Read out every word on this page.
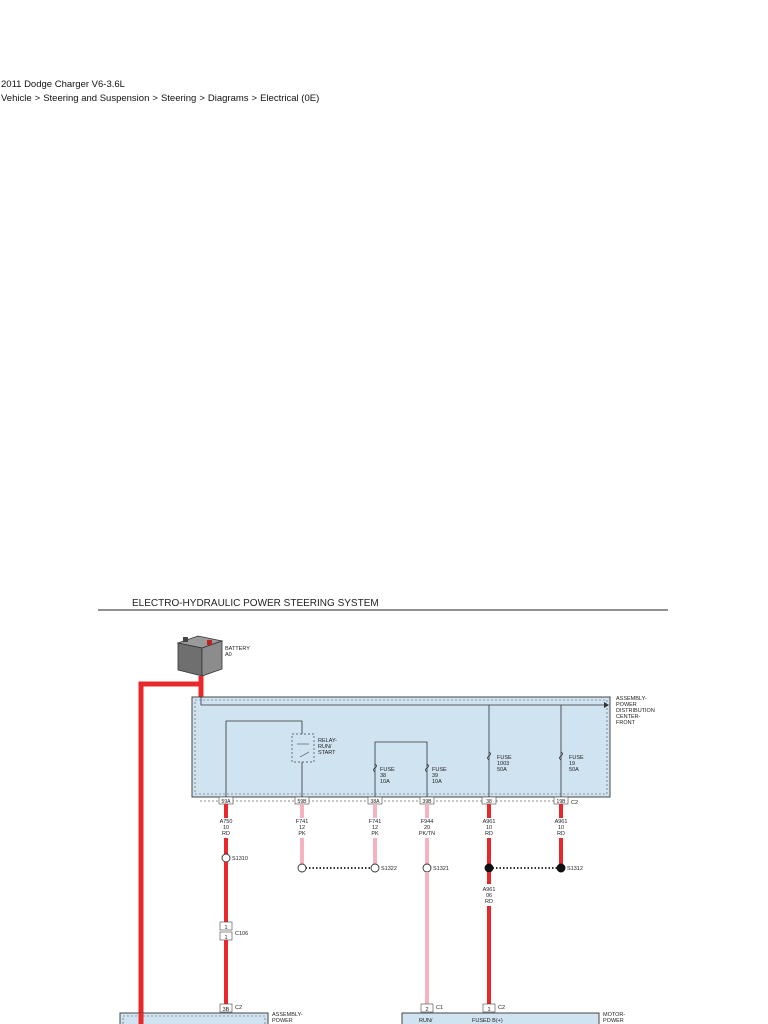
2011 Dodge Charger V6-3.6L
Vehicle > Steering and Suspension > Steering > Diagrams > Electrical (0E)
ELECTRO-HYDRAULIC POWER STEERING SYSTEM
BATTERY
A0
ASSEMBLY-
POWER
DISTRIBUTION
CENTER-
FRONT
RELAY-
RUN/
START
FUSE
38
10A
FUSE
39
10A
FUSE
1003
50A
FUSE
19
50A
59A	59B	38A	39B	38	19B C2
A750
10
RD
F741
12
PK
F741
12
PK
F944
20
PK/TN
A961
10
RD
A961
10
RD
S1310
S1322	S1321	S1312
A961
06
RD
1
1
C106
3B C2	2 C1	1 C2
ASSEMBLY-
POWER	RUN/	FUSED B(+)
MOTOR-
POWER
